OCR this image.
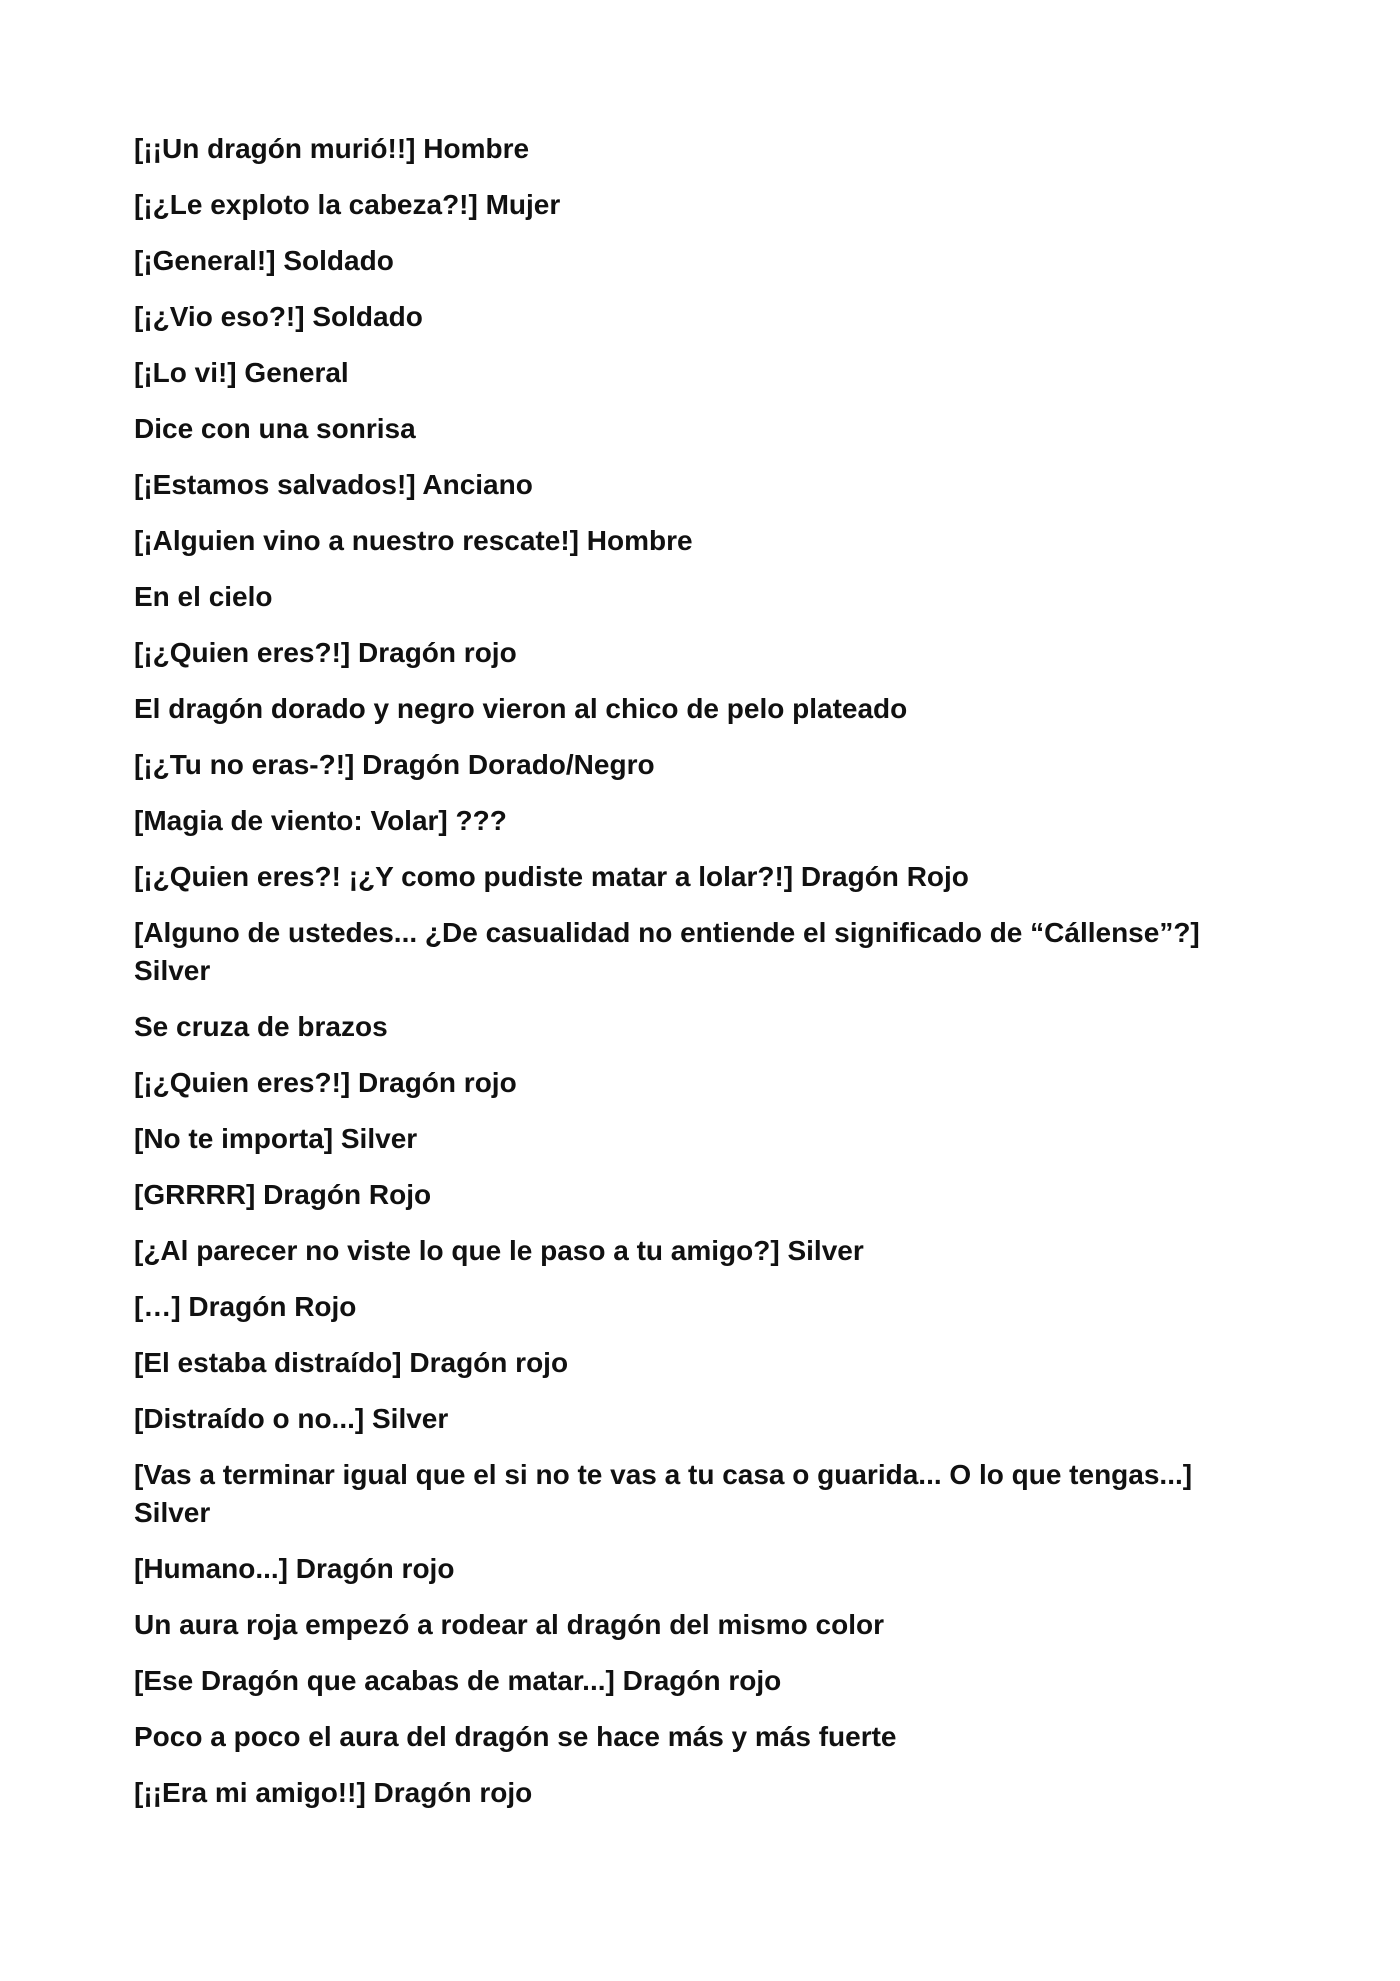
[¡¡Un dragón murió!!] Hombre

[¡¿Le exploto la cabeza?!] Mujer

[¡General!] Soldado

[¡¿Vio eso?!] Soldado

[¡Lo vi!] General

Dice con una sonrisa

[¡Estamos salvados!] Anciano

[¡Alguien vino a nuestro rescate!] Hombre

En el cielo

[¡¿Quien eres?!] Dragón rojo

El dragón dorado y negro vieron al chico de pelo plateado

[¡¿Tu no eras-?!] Dragón Dorado/Negro

[Magia de viento: Volar] ???

[¡¿Quien eres?! ¡¿Y como pudiste matar a lolar?!] Dragón Rojo

[Alguno de ustedes... ¿De casualidad no entiende el significado de “Cállense”?] Silver

Se cruza de brazos

[¡¿Quien eres?!] Dragón rojo

[No te importa] Silver

[GRRRR] Dragón Rojo

[¿Al parecer no viste lo que le paso a tu amigo?] Silver

[…] Dragón Rojo

[El estaba distraído] Dragón rojo

[Distraído o no...] Silver

[Vas a terminar igual que el si no te vas a tu casa o guarida... O lo que tengas...] Silver

[Humano...] Dragón rojo

Un aura roja empezó a rodear al dragón del mismo color

[Ese Dragón que acabas de matar...] Dragón rojo

Poco a poco el aura del dragón se hace más y más fuerte

[¡¡Era mi amigo!!] Dragón rojo
